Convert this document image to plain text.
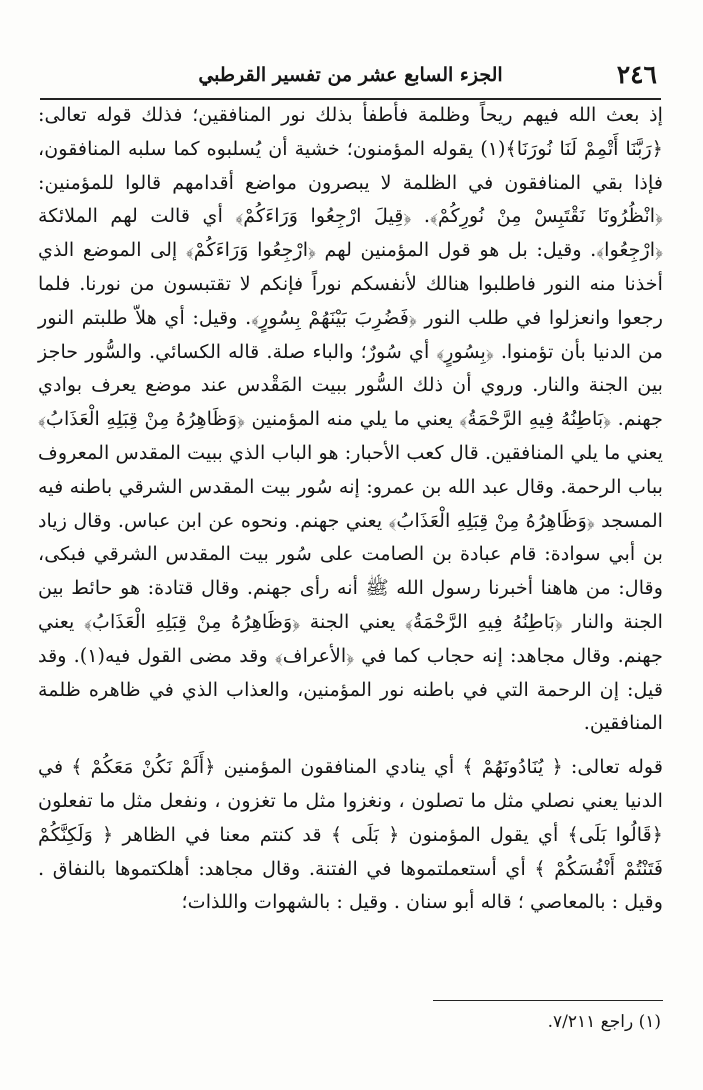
٢٤٦
الجزء السابع عشر من تفسير القرطبي

إذ بعث الله فيهم ريحاً وظلمة فأطفأ بذلك نور المنافقين؛ فذلك قوله تعالى: ﴿رَبَّنَا أَتْمِمْ لَنَا نُورَنَا﴾(١) يقوله المؤمنون؛ خشية أن يُسلبوه كما سلبه المنافقون، فإذا بقي المنافقون في الظلمة لا يبصرون مواضع أقدامهم قالوا للمؤمنين: ﴿انْظُرُونَا نَقْتَبِسْ مِنْ نُورِكُمْ﴾. ﴿قِيلَ ارْجِعُوا وَرَاءَكُمْ﴾ أي قالت لهم الملائكة ﴿ارْجِعُوا﴾. وقيل: بل هو قول المؤمنين لهم ﴿ارْجِعُوا وَرَاءَكُمْ﴾ إلى الموضع الذي أخذنا منه النور فاطلبوا هنالك لأنفسكم نوراً فإنكم لا تقتبسون من نورنا. فلما رجعوا وانعزلوا في طلب النور ﴿فَضُرِبَ بَيْنَهُمْ بِسُورٍ﴾. وقيل: أي هلاّ طلبتم النور من الدنيا بأن تؤمنوا. ﴿بِسُورٍ﴾ أي سُورٌ؛ والباء صلة. قاله الكسائي. والسُّور حاجز بين الجنة والنار. وروي أن ذلك السُّور ببيت المَقْدس عند موضع يعرف بوادي جهنم. ﴿بَاطِنُهُ فِيهِ الرَّحْمَةُ﴾ يعني ما يلي منه المؤمنين ﴿وَظَاهِرُهُ مِنْ قِبَلِهِ الْعَذَابُ﴾ يعني ما يلي المنافقين. قال كعب الأحبار: هو الباب الذي ببيت المقدس المعروف بباب الرحمة. وقال عبد الله بن عمرو: إنه سُور بيت المقدس الشرقي باطنه فيه المسجد ﴿وَظَاهِرُهُ مِنْ قِبَلِهِ الْعَذَابُ﴾ يعني جهنم. ونحوه عن ابن عباس. وقال زياد بن أبي سوادة: قام عبادة بن الصامت على سُور بيت المقدس الشرقي فبكى، وقال: من هاهنا أخبرنا رسول الله ﷺ أنه رأى جهنم. وقال قتادة: هو حائط بين الجنة والنار ﴿بَاطِنُهُ فِيهِ الرَّحْمَةُ﴾ يعني الجنة ﴿وَظَاهِرُهُ مِنْ قِبَلِهِ الْعَذَابُ﴾ يعني جهنم. وقال مجاهد: إنه حجاب كما في ﴿الأعراف﴾ وقد مضى القول فيه(١). وقد قيل: إن الرحمة التي في باطنه نور المؤمنين، والعذاب الذي في ظاهره ظلمة المنافقين.

قوله تعالى: ﴿ يُنَادُونَهُمْ ﴾ أي ينادي المنافقون المؤمنين ﴿أَلَمْ نَكُنْ مَعَكُمْ ﴾ في الدنيا يعني نصلي مثل ما تصلون ، ونغزوا مثل ما تغزون ، ونفعل مثل ما تفعلون ﴿قَالُوا بَلَى﴾ أي يقول المؤمنون ﴿ بَلَى ﴾ قد كنتم معنا في الظاهر ﴿ وَلَكِنَّكُمْ فَتَنْتُمْ أَنْفُسَكُمْ ﴾ أي أستعملتموها في الفتنة. وقال مجاهد: أهلكتموها بالنفاق . وقيل : بالمعاصي ؛ قاله أبو سنان . وقيل : بالشهوات واللذات؛

(١) راجع ٧/٢١١.
